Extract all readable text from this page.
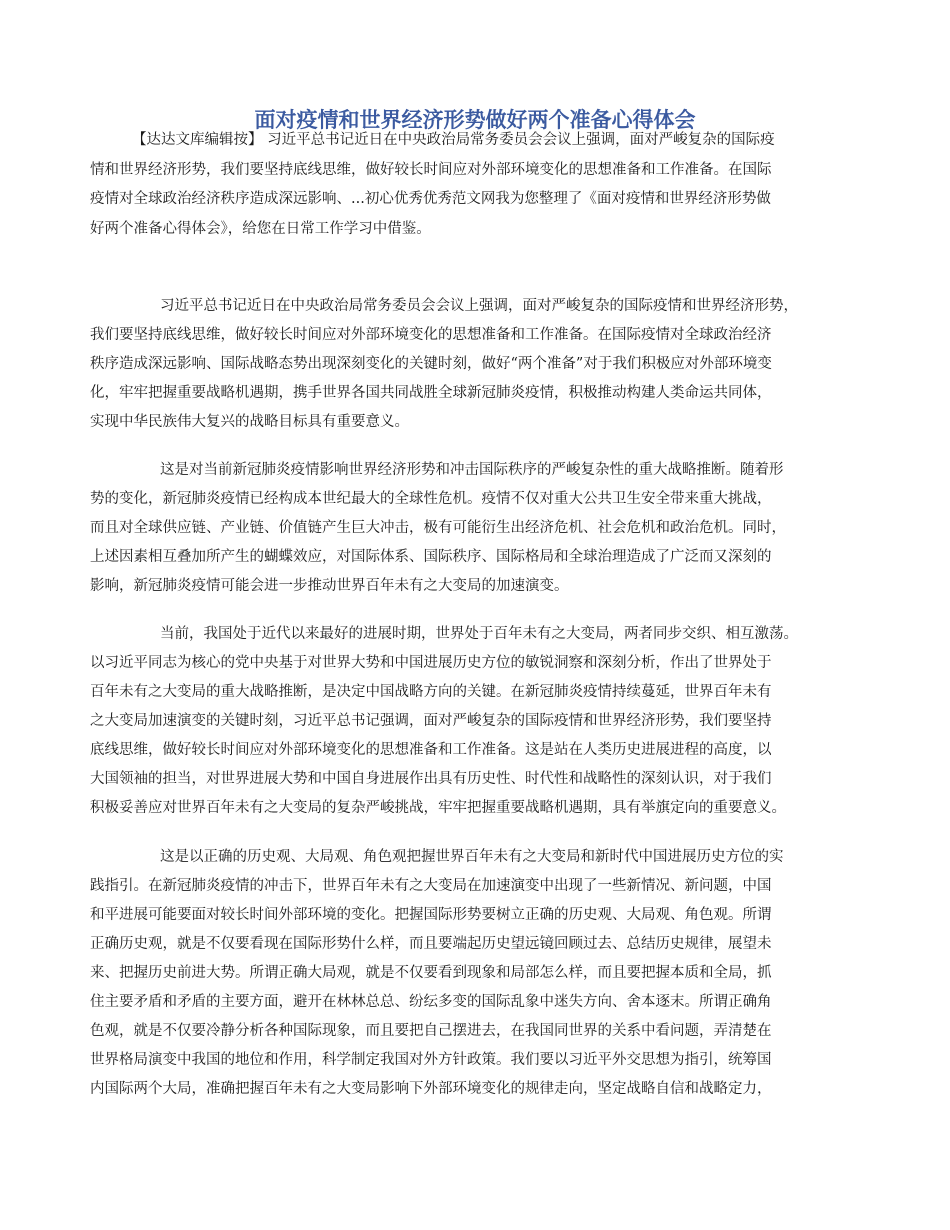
面对疫情和世界经济形势做好两个准备心得体会
【达达文库编辑按】 习近平总书记近日在中央政治局常务委员会会议上强调，面对严峻复杂的国际疫
情和世界经济形势，我们要坚持底线思维，做好较长时间应对外部环境变化的思想准备和工作准备。在国际
疫情对全球政治经济秩序造成深远影响、...初心优秀优秀范文网我为您整理了《面对疫情和世界经济形势做
好两个准备心得体会》，给您在日常工作学习中借鉴。
习近平总书记近日在中央政治局常务委员会会议上强调，面对严峻复杂的国际疫情和世界经济形势，
我们要坚持底线思维，做好较长时间应对外部环境变化的思想准备和工作准备。在国际疫情对全球政治经济
秩序造成深远影响、国际战略态势出现深刻变化的关键时刻，做好“两个准备”对于我们积极应对外部环境变
化，牢牢把握重要战略机遇期，携手世界各国共同战胜全球新冠肺炎疫情，积极推动构建人类命运共同体，
实现中华民族伟大复兴的战略目标具有重要意义。
这是对当前新冠肺炎疫情影响世界经济形势和冲击国际秩序的严峻复杂性的重大战略推断。随着形
势的变化，新冠肺炎疫情已经构成本世纪最大的全球性危机。疫情不仅对重大公共卫生安全带来重大挑战，
而且对全球供应链、产业链、价值链产生巨大冲击，极有可能衍生出经济危机、社会危机和政治危机。同时，
上述因素相互叠加所产生的蝴蝶效应，对国际体系、国际秩序、国际格局和全球治理造成了广泛而又深刻的
影响，新冠肺炎疫情可能会进一步推动世界百年未有之大变局的加速演变。
当前，我国处于近代以来最好的进展时期，世界处于百年未有之大变局，两者同步交织、相互激荡。
以习近平同志为核心的党中央基于对世界大势和中国进展历史方位的敏锐洞察和深刻分析，作出了世界处于
百年未有之大变局的重大战略推断，是决定中国战略方向的关键。在新冠肺炎疫情持续蔓延，世界百年未有
之大变局加速演变的关键时刻，习近平总书记强调，面对严峻复杂的国际疫情和世界经济形势，我们要坚持
底线思维，做好较长时间应对外部环境变化的思想准备和工作准备。这是站在人类历史进展进程的高度，以
大国领袖的担当，对世界进展大势和中国自身进展作出具有历史性、时代性和战略性的深刻认识，对于我们
积极妥善应对世界百年未有之大变局的复杂严峻挑战，牢牢把握重要战略机遇期，具有举旗定向的重要意义。
这是以正确的历史观、大局观、角色观把握世界百年未有之大变局和新时代中国进展历史方位的实
践指引。在新冠肺炎疫情的冲击下，世界百年未有之大变局在加速演变中出现了一些新情况、新问题，中国
和平进展可能要面对较长时间外部环境的变化。把握国际形势要树立正确的历史观、大局观、角色观。所谓
正确历史观，就是不仅要看现在国际形势什么样，而且要端起历史望远镜回顾过去、总结历史规律，展望未
来、把握历史前进大势。所谓正确大局观，就是不仅要看到现象和局部怎么样，而且要把握本质和全局，抓
住主要矛盾和矛盾的主要方面，避开在林林总总、纷纭多变的国际乱象中迷失方向、舍本逐末。所谓正确角
色观，就是不仅要冷静分析各种国际现象，而且要把自己摆进去，在我国同世界的关系中看问题，弄清楚在
世界格局演变中我国的地位和作用，科学制定我国对外方针政策。我们要以习近平外交思想为指引，统筹国
内国际两个大局，准确把握百年未有之大变局影响下外部环境变化的规律走向，坚定战略自信和战略定力，
